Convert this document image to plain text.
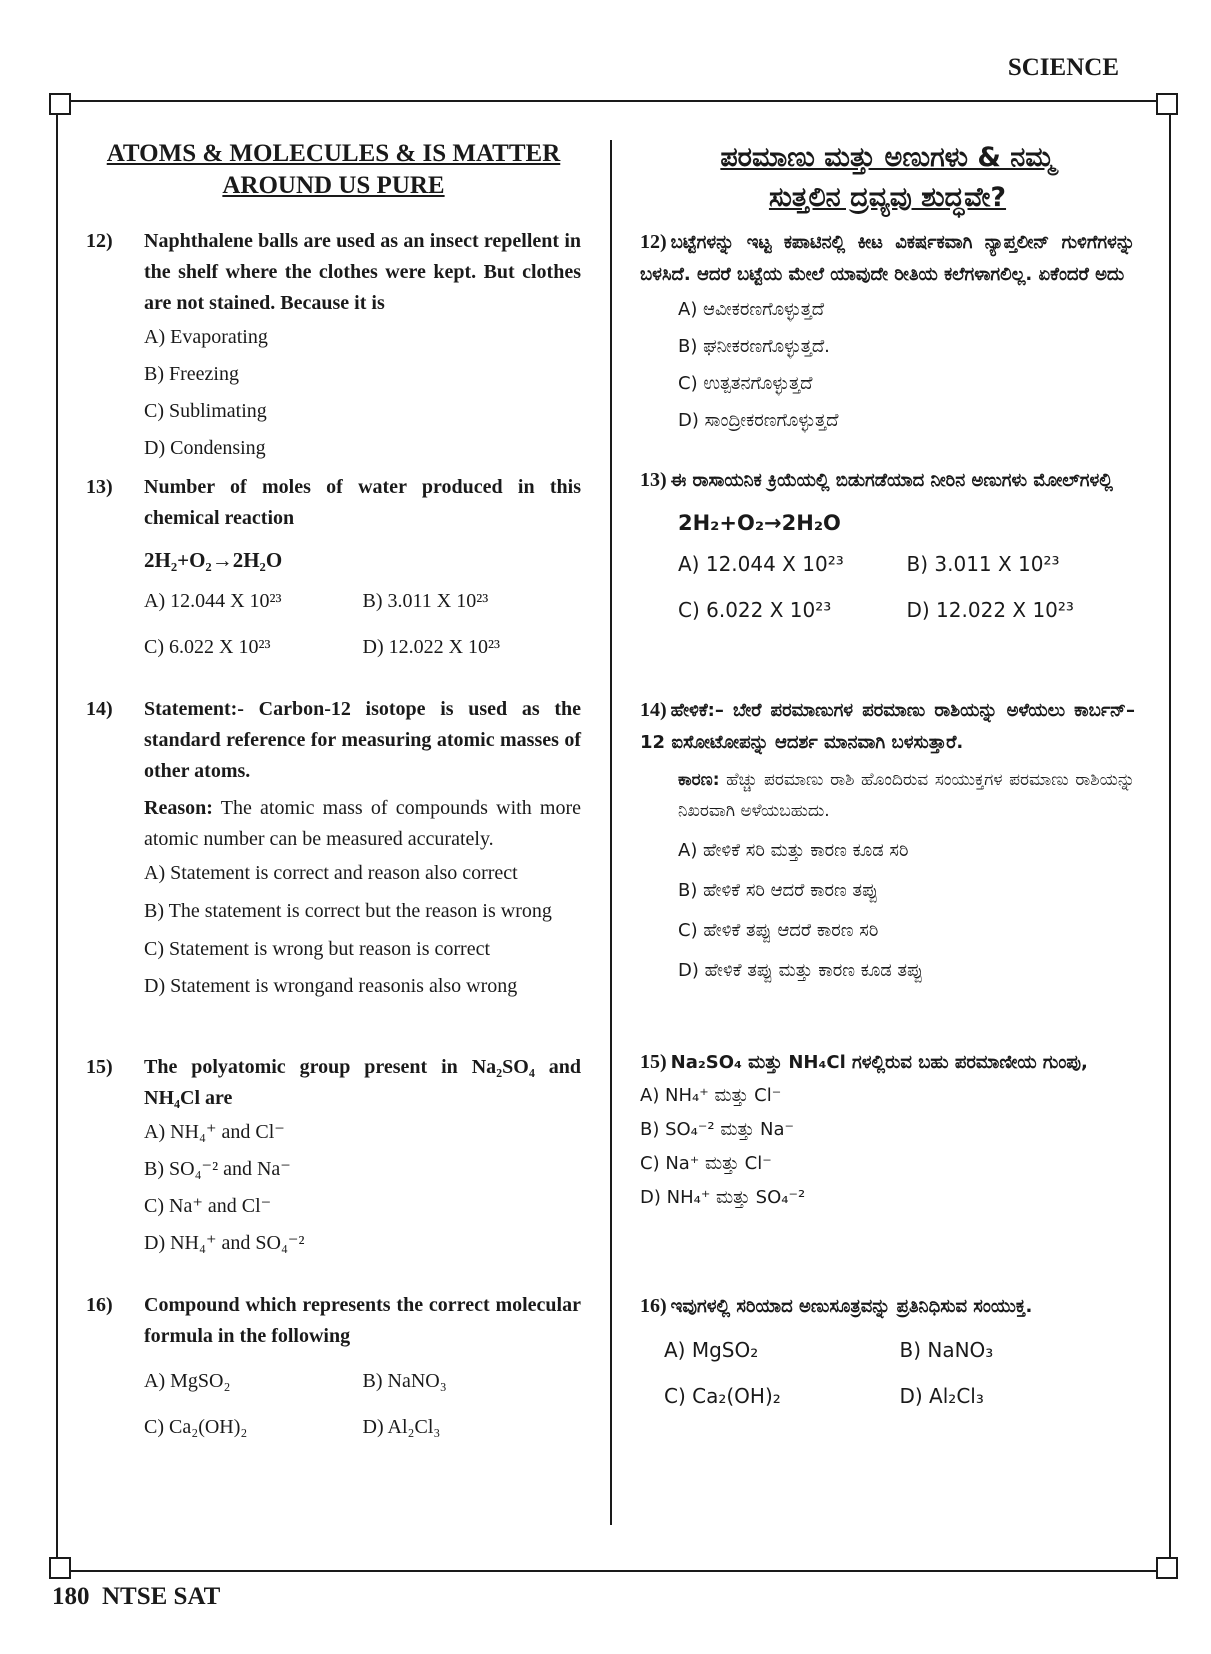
SCIENCE
ATOMS & MOLECULES & IS MATTER
AROUND US PURE
12)	Naphthalene balls are used as an insect repellent in the shelf where the clothes were kept. But clothes are not stained. Because it is
A) Evaporating
B) Freezing
C) Sublimating
D) Condensing
13)	Number of moles of water produced in this chemical reaction
2H₂+O₂→2H₂O
A) 12.044 X 10²³	B) 3.011 X 10²³
C) 6.022 X 10²³	D) 12.022 X 10²³
14)	Statement:- Carbon-12 isotope is used as the standard reference for measuring atomic masses of other atoms.
Reason: The atomic mass of compounds with more atomic number can be measured accurately.
A) Statement is correct and reason also correct
B) The statement is correct but the reason is wrong
C) Statement is wrong but reason is correct
D) Statement is wrongand reasonis also wrong
15)	The polyatomic group present in Na₂SO₄ and NH₄Cl are
A) NH₄⁺ and Cl⁻
B) SO₄⁻² and Na⁻
C) Na⁺ and Cl⁻
D) NH₄⁺ and SO₄⁻²
16)	Compound which represents the correct molecular formula in the following
A) MgSO₂	B) NaNO₃
C) Ca₂(OH)₂	D) Al₂Cl₃
ಪರಮಾಣು ಮತ್ತು ಅಣುಗಳು & ನಮ್ಮ
ಸುತ್ತಲಿನ ದ್ರವ್ಯವು ಶುದ್ಧವೇ?
12) ಬಟ್ಟೆಗಳನ್ನು ಇಟ್ಟ ಕಪಾಟಿನಲ್ಲಿ ಕೀಟ ವಿಕರ್ಷಕವಾಗಿ ನ್ಯಾಪ್ತಲೀನ್ ಗುಳಿಗೆಗಳನ್ನು ಬಳಸಿದೆ. ಆದರೆ ಬಟ್ಟೆಯ ಮೇಲೆ ಯಾವುದೇ ರೀತಿಯ ಕಲೆಗಳಾಗಲಿಲ್ಲ. ಏಕೆಂದರೆ ಅದು
A) ಆವೀಕರಣಗೊಳ್ಳುತ್ತದೆ
B) ಘನೀಕರಣಗೊಳ್ಳುತ್ತದೆ.
C) ಉತ್ಪತನಗೊಳ್ಳುತ್ತದೆ
D) ಸಾಂದ್ರೀಕರಣಗೊಳ್ಳುತ್ತದೆ
13) ಈ ರಾಸಾಯನಿಕ ಕ್ರಿಯೆಯಲ್ಲಿ ಬಿಡುಗಡೆಯಾದ ನೀರಿನ ಅಣುಗಳು ಮೋಲ್‌ಗಳಲ್ಲಿ
2H₂+O₂→2H₂O
A) 12.044 X 10²³	B) 3.011 X 10²³
C) 6.022 X 10²³	D) 12.022 X 10²³
14) ಹೇಳಿಕೆ:– ಬೇರೆ ಪರಮಾಣುಗಳ ಪರಮಾಣು ರಾಶಿಯನ್ನು ಅಳೆಯಲು ಕಾರ್ಬನ್–12 ಐಸೋಟೋಪನ್ನು ಆದರ್ಶ ಮಾನವಾಗಿ ಬಳಸುತ್ತಾರೆ.
ಕಾರಣ: ಹೆಚ್ಚು ಪರಮಾಣು ರಾಶಿ ಹೊಂದಿರುವ ಸಂಯುಕ್ತಗಳ ಪರಮಾಣು ರಾಶಿಯನ್ನು ನಿಖರವಾಗಿ ಅಳೆಯಬಹುದು.
A) ಹೇಳಿಕೆ ಸರಿ ಮತ್ತು ಕಾರಣ ಕೂಡ ಸರಿ
B) ಹೇಳಿಕೆ ಸರಿ ಆದರೆ ಕಾರಣ ತಪ್ಪು
C) ಹೇಳಿಕೆ ತಪ್ಪು ಆದರೆ ಕಾರಣ ಸರಿ
D) ಹೇಳಿಕೆ ತಪ್ಪು ಮತ್ತು ಕಾರಣ ಕೂಡ ತಪ್ಪು
15) Na₂SO₄ ಮತ್ತು NH₄Cl ಗಳಲ್ಲಿರುವ ಬಹು ಪರಮಾಣೀಯ ಗುಂಪು,
A) NH₄⁺ ಮತ್ತು Cl⁻
B) SO₄⁻² ಮತ್ತು Na⁻
C) Na⁺ ಮತ್ತು Cl⁻
D) NH₄⁺ ಮತ್ತು SO₄⁻²
16) ಇವುಗಳಲ್ಲಿ ಸರಿಯಾದ ಅಣುಸೂತ್ರವನ್ನು ಪ್ರತಿನಿಧಿಸುವ ಸಂಯುಕ್ತ.
A) MgSO₂	B) NaNO₃
C) Ca₂(OH)₂	D) Al₂Cl₃
180 NTSE SAT
